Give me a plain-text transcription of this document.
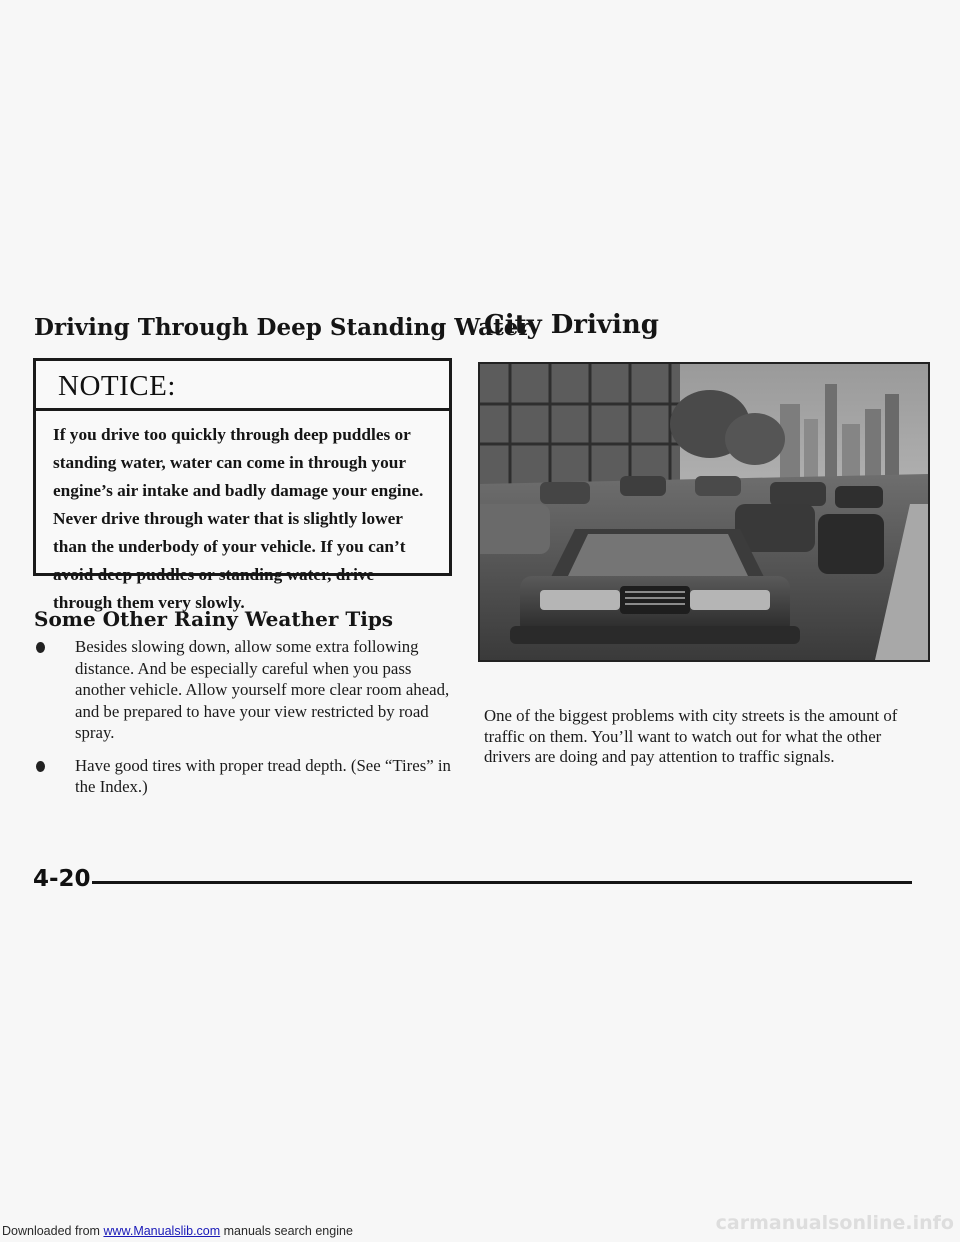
Driving Through Deep Standing Water
NOTICE:
If you drive too quickly through deep puddles or standing water, water can come in through your engine’s air intake and badly damage your engine. Never drive through water that is slightly lower than the underbody of your vehicle. If you can’t avoid deep puddles or standing water, drive through them very slowly.
Some Other Rainy Weather Tips
Besides slowing down, allow some extra following distance. And be especially careful when you pass another vehicle. Allow yourself more clear room ahead, and be prepared to have your view restricted by road spray.
Have good tires with proper tread depth. (See “Tires” in the Index.)
City Driving
One of the biggest problems with city streets is the amount of traffic on them. You’ll want to watch out for what the other drivers are doing and pay attention to traffic signals.
4-20
Downloaded from www.Manualslib.com manuals search engine	carmanualsonline.info
